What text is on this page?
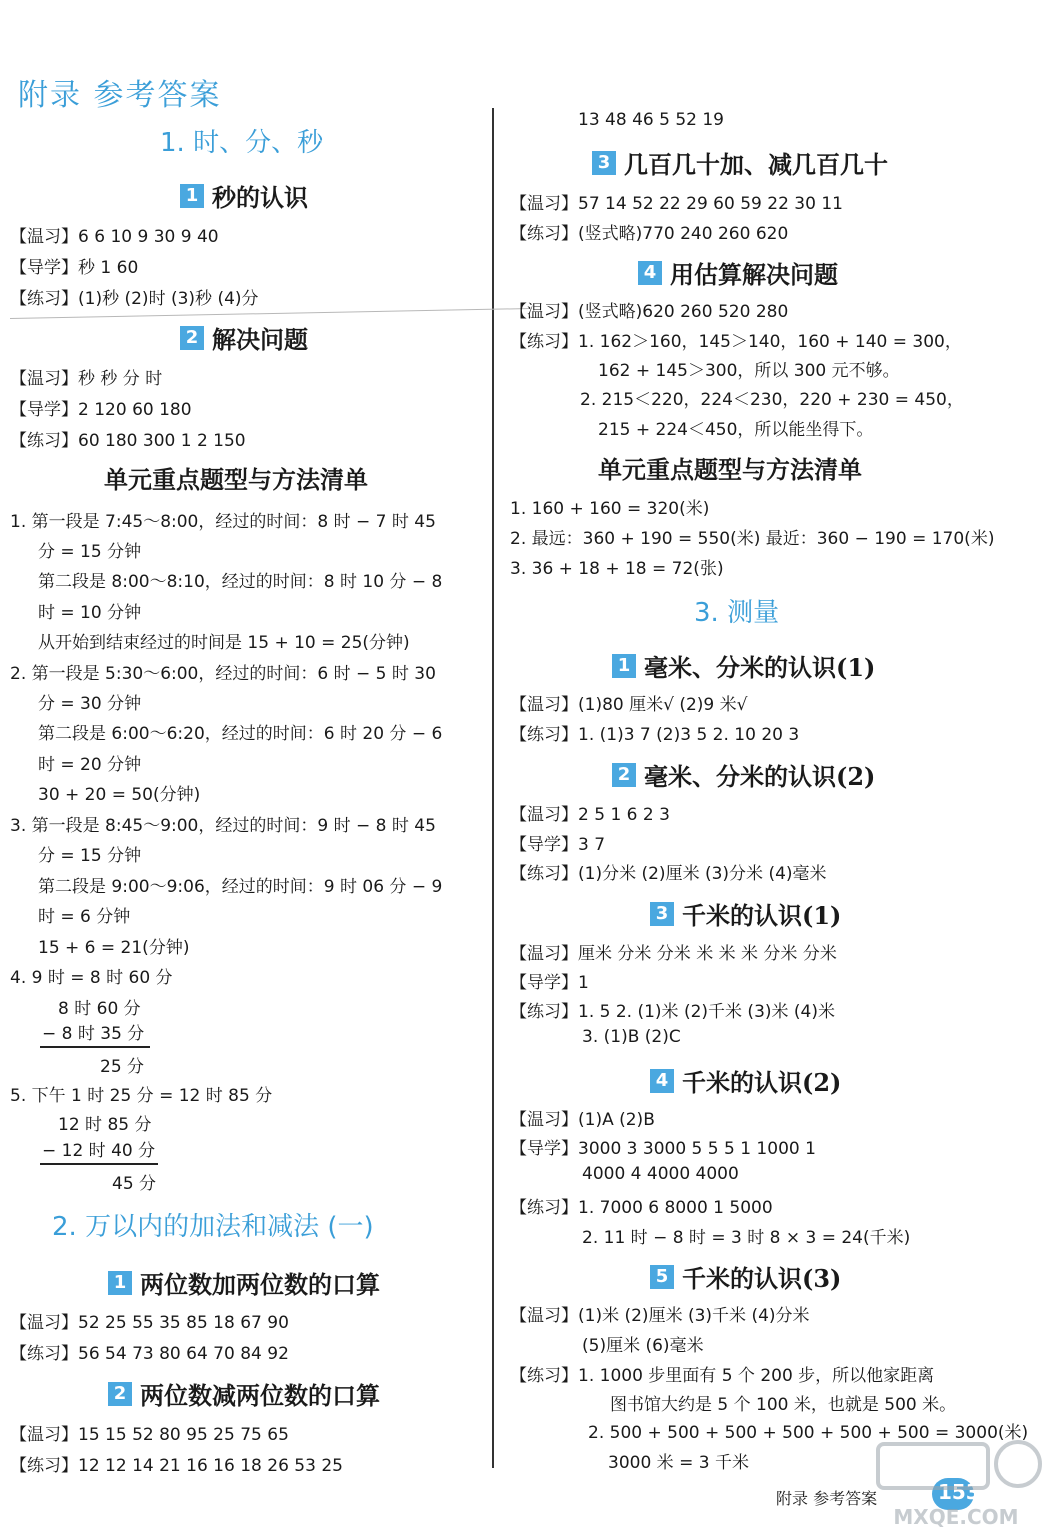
附录 参考答案
1. 时、分、秒
1 秒的认识
【温习】6 6 10 9 30 9 40
【导学】秒 1 60
【练习】(1)秒 (2)时 (3)秒 (4)分
2 解决问题
【温习】秒 秒 分 时
【导学】2 120 60 180
【练习】60 180 300 1 2 150
单元重点题型与方法清单
1. 第一段是 7:45～8:00，经过的时间：8 时 − 7 时 45
分 = 15 分钟
第二段是 8:00～8:10，经过的时间：8 时 10 分 − 8
时 = 10 分钟
从开始到结束经过的时间是 15 + 10 = 25(分钟)
2. 第一段是 5:30～6:00，经过的时间：6 时 − 5 时 30
分 = 30 分钟
第二段是 6:00～6:20，经过的时间：6 时 20 分 − 6
时 = 20 分钟
30 + 20 = 50(分钟)
3. 第一段是 8:45～9:00，经过的时间：9 时 − 8 时 45
分 = 15 分钟
第二段是 9:00～9:06，经过的时间：9 时 06 分 − 9
时 = 6 分钟
15 + 6 = 21(分钟)
4. 9 时 = 8 时 60 分
8 时 60 分
− 8 时 35 分
25 分
5. 下午 1 时 25 分 = 12 时 85 分
12 时 85 分
− 12 时 40 分
45 分
2. 万以内的加法和减法 (一)
1 两位数加两位数的口算
【温习】52 25 55 35 85 18 67 90
【练习】56 54 73 80 64 70 84 92
2 两位数减两位数的口算
【温习】15 15 52 80 95 25 75 65
【练习】12 12 14 21 16 16 18 26 53 25
13 48 46 5 52 19
3 几百几十加、减几百几十
【温习】57 14 52 22 29 60 59 22 30 11
【练习】(竖式略)770 240 260 620
4 用估算解决问题
【温习】(竖式略)620 260 520 280
【练习】1. 162＞160，145＞140，160 + 140 = 300，
162 + 145＞300，所以 300 元不够。
2. 215＜220，224＜230，220 + 230 = 450，
215 + 224＜450，所以能坐得下。
单元重点题型与方法清单
1. 160 + 160 = 320(米)
2. 最远：360 + 190 = 550(米) 最近：360 − 190 = 170(米)
3. 36 + 18 + 18 = 72(张)
3. 测量
1 毫米、分米的认识(1)
【温习】(1)80 厘米√ (2)9 米√
【练习】1. (1)3 7 (2)3 5 2. 10 20 3
2 毫米、分米的认识(2)
【温习】2 5 1 6 2 3
【导学】3 7
【练习】(1)分米 (2)厘米 (3)分米 (4)毫米
3 千米的认识(1)
【温习】厘米 分米 分米 米 米 米 分米 分米
【导学】1
【练习】1. 5 2. (1)米 (2)千米 (3)米 (4)米
3. (1)B (2)C
4 千米的认识(2)
【温习】(1)A (2)B
【导学】3000 3 3000 5 5 5 1 1000 1
4000 4 4000 4000
【练习】1. 7000 6 8000 1 5000
2. 11 时 − 8 时 = 3 时 8 × 3 = 24(千米)
5 千米的认识(3)
【温习】(1)米 (2)厘米 (3)千米 (4)分米
(5)厘米 (6)毫米
【练习】1. 1000 步里面有 5 个 200 步，所以他家距离
图书馆大约是 5 个 100 米，也就是 500 米。
2. 500 + 500 + 500 + 500 + 500 + 500 = 3000(米)
3000 米 = 3 千米
附录 参考答案	153
MXQE.COM
